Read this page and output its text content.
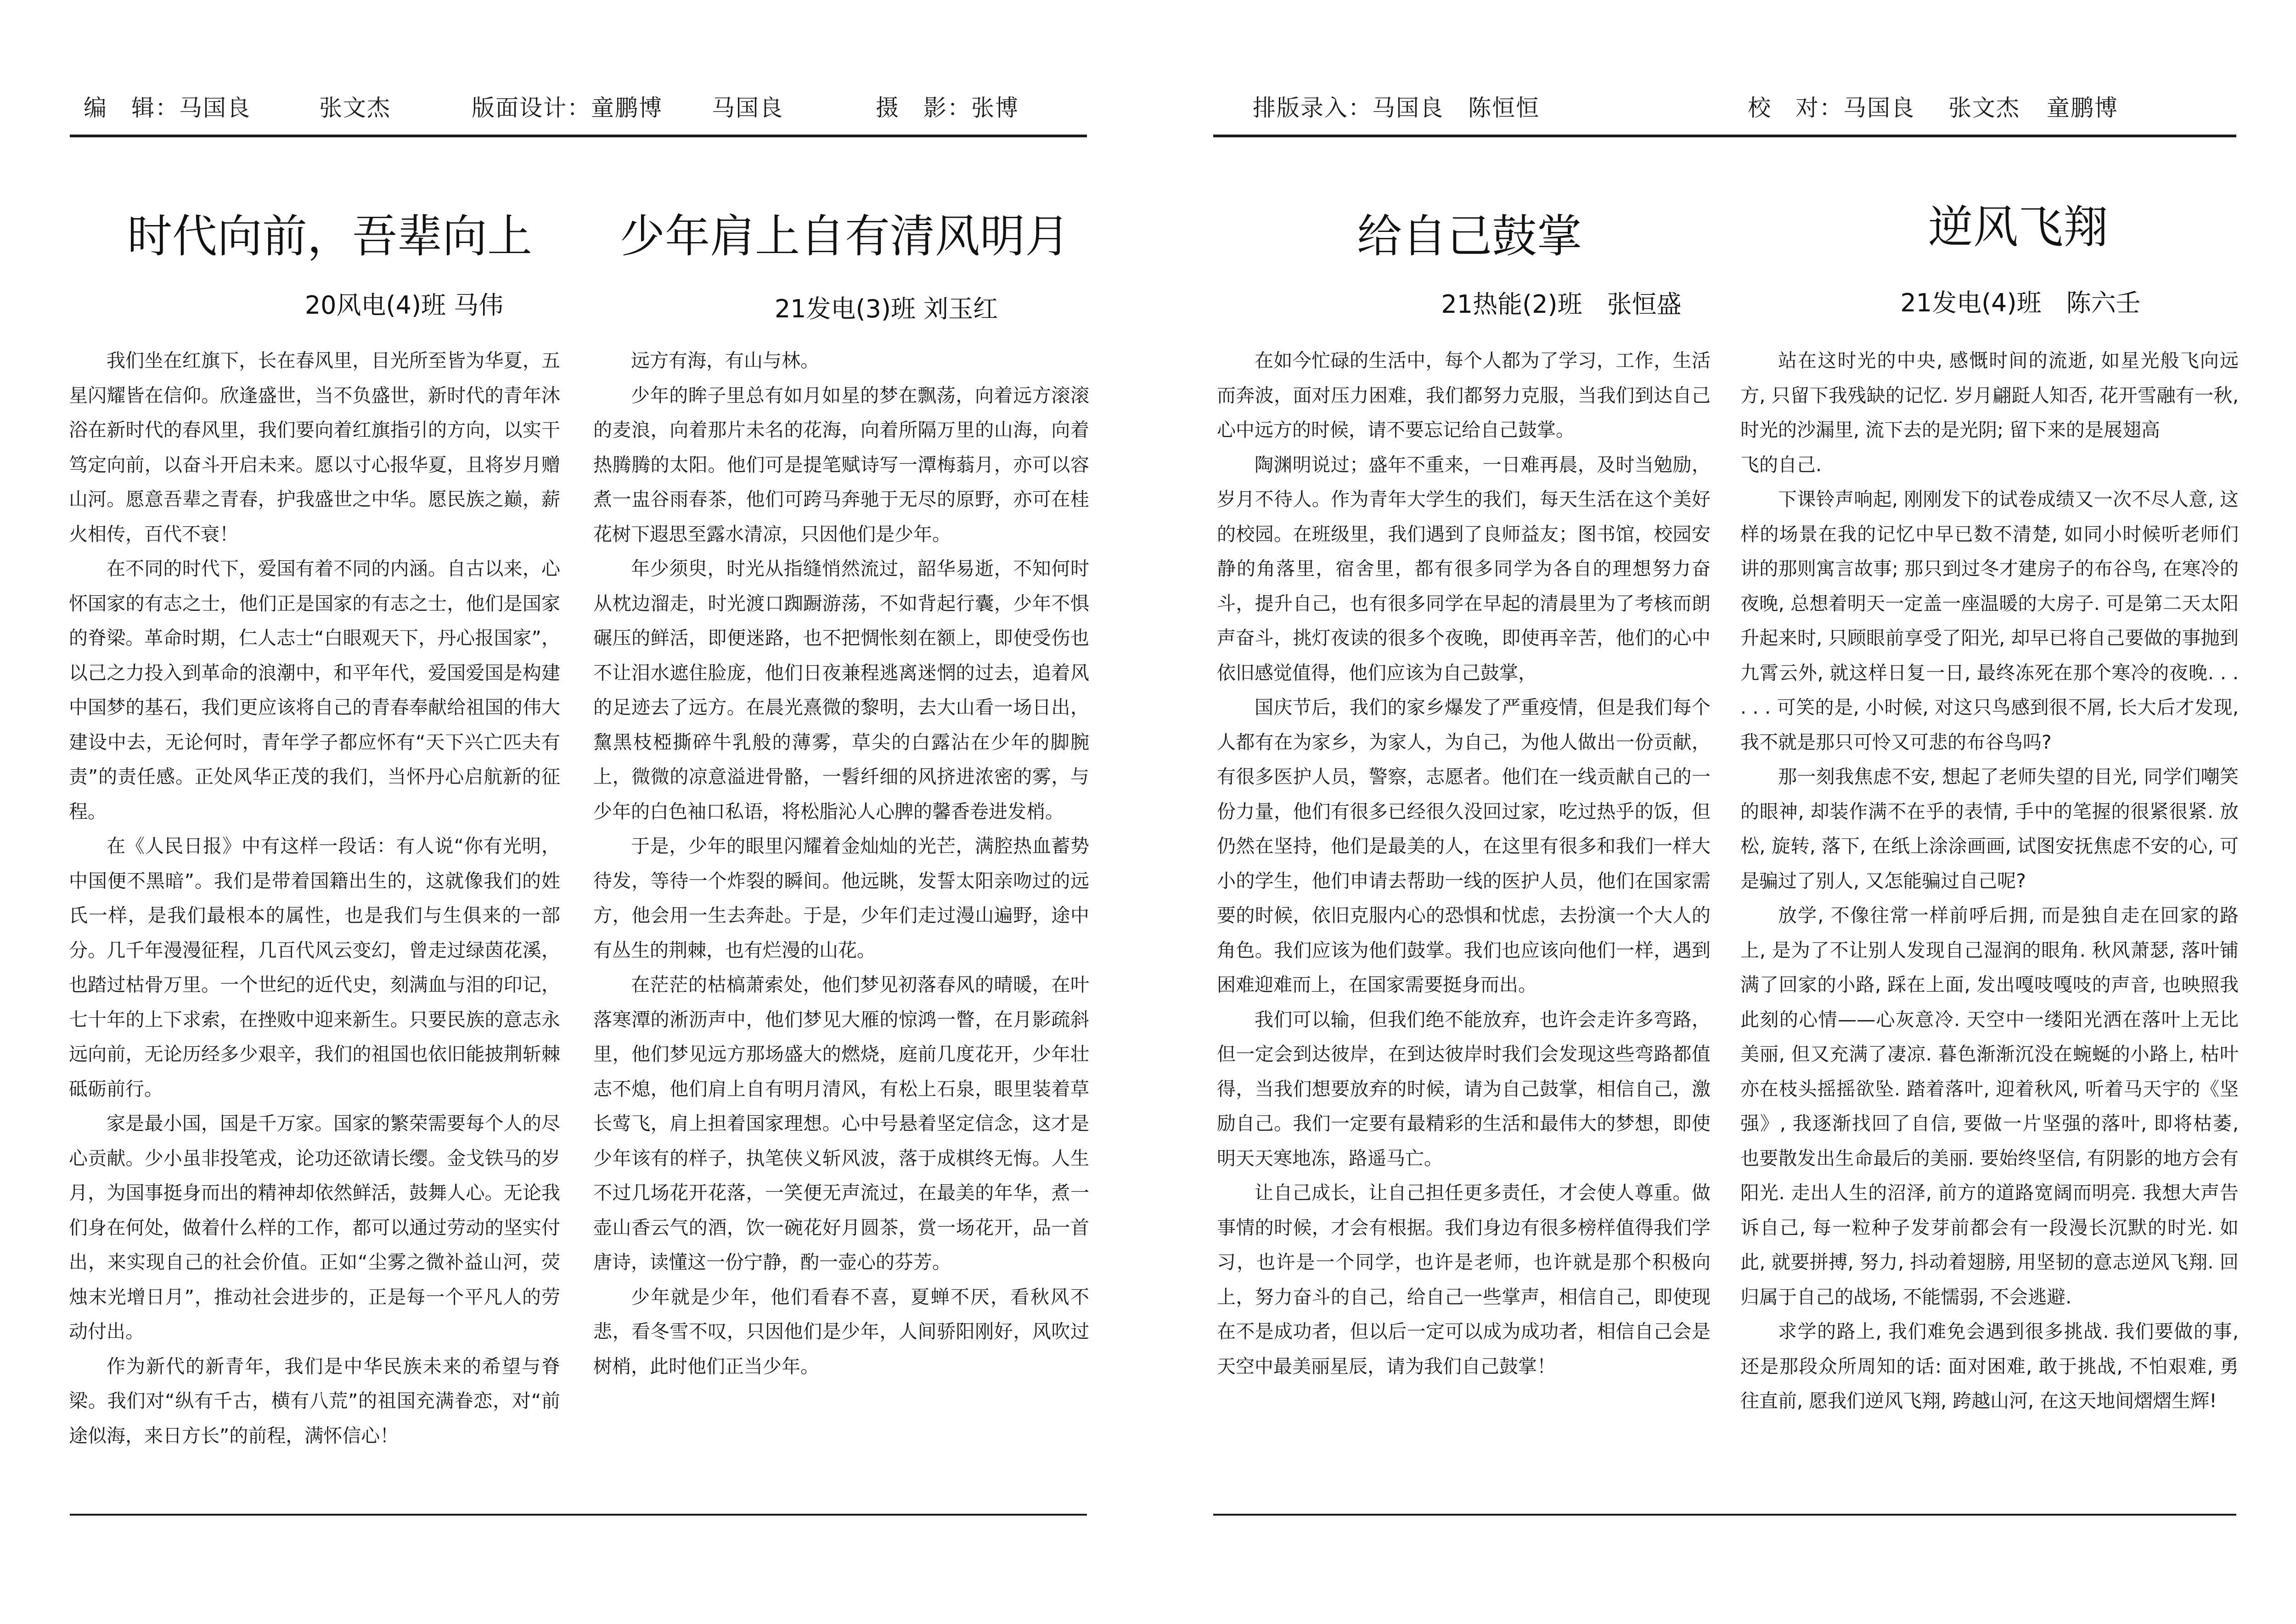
编　辑：马国良	张文杰	版面设计：童鹏博 马国良	摄　影：张博	排版录入：马国良 陈恒恒	校　对：马国良 张文杰 童鹏博
时代向前，吾辈向上
20风电(4)班 马伟

我们坐在红旗下，长在春风里，目光所至皆为华夏，五星闪耀皆在信仰。欣逢盛世，当不负盛世，新时代的青年沐浴在新时代的春风里，我们要向着红旗指引的方向，以实干笃定向前，以奋斗开启未来。愿以寸心报华夏，且将岁月赠山河。愿意吾辈之青春，护我盛世之中华。愿民族之巅，薪火相传，百代不衰！

在不同的时代下，爱国有着不同的内涵。自古以来，心怀国家的有志之士，他们正是国家的有志之士，他们是国家的脊梁。革命时期，仁人志士“白眼观天下，丹心报国家”，以己之力投入到革命的浪潮中，和平年代，爱国爱国是构建中国梦的基石，我们更应该将自己的青春奉献给祖国的伟大建设中去，无论何时，青年学子都应怀有“天下兴亡匹夫有责”的责任感。正处风华正茂的我们，当怀丹心启航新的征程。

在《人民日报》中有这样一段话：有人说“你有光明，中国便不黑暗”。我们是带着国籍出生的，这就像我们的姓氏一样，是我们最根本的属性，也是我们与生俱来的一部分。几千年漫漫征程，几百代风云变幻，曾走过绿茵花溪，也踏过枯骨万里。一个世纪的近代史，刻满血与泪的印记，七十年的上下求索，在挫败中迎来新生。只要民族的意志永远向前，无论历经多少艰辛，我们的祖国也依旧能披荆斩棘砥砺前行。

家是最小国，国是千万家。国家的繁荣需要每个人的尽心贡献。少小虽非投笔戎，论功还欲请长缨。金戈铁马的岁月，为国事挺身而出的精神却依然鲜活，鼓舞人心。无论我们身在何处，做着什么样的工作，都可以通过劳动的坚实付出，来实现自己的社会价值。正如“尘雾之微补益山河，荧烛末光增日月”，推动社会进步的，正是每一个平凡人的劳动付出。

作为新代的新青年，我们是中华民族未来的希望与脊梁。我们对“纵有千古，横有八荒”的祖国充满眷恋，对“前途似海，来日方长”的前程，满怀信心！

少年肩上自有清风明月
21发电(3)班 刘玉红

远方有海，有山与林。

少年的眸子里总有如月如星的梦在飘荡，向着远方滚滚的麦浪，向着那片未名的花海，向着所隔万里的山海，向着热腾腾的太阳。他们可是提笔赋诗写一潭梅蓊月，亦可以容煮一盅谷雨春茶，他们可跨马奔驰于无尽的原野，亦可在桂花树下遐思至露水清凉，只因他们是少年。

年少须臾，时光从指缝悄然流过，韶华易逝，不知何时从枕边溜走，时光渡口踟蹰游荡，不如背起行囊，少年不惧碾压的鲜活，即便迷路，也不把惆怅刻在额上，即使受伤也不让泪水遮住脸庞，他们日夜兼程逃离迷惘的过去，追着风的足迹去了远方。在晨光熹微的黎明，去大山看一场日出，黧黑枝椏撕碎牛乳般的薄雾，草尖的白露沾在少年的脚腕上，微微的凉意溢进骨骼，一髫纤细的风挤进浓密的雾，与少年的白色袖口私语，将松脂沁人心脾的馨香卷进发梢。

于是，少年的眼里闪耀着金灿灿的光芒，满腔热血蓄势待发，等待一个炸裂的瞬间。他远眺，发誓太阳亲吻过的远方，他会用一生去奔赴。于是，少年们走过漫山遍野，途中有丛生的荆棘，也有烂漫的山花。

在茫茫的枯槁萧索处，他们梦见初落春风的晴暖，在叶落寒潭的淅沥声中，他们梦见大雁的惊鸿一瞥，在月影疏斜里，他们梦见远方那场盛大的燃烧，庭前几度花开，少年壮志不熄，他们肩上自有明月清风，有松上石泉，眼里装着草长莺飞，肩上担着国家理想。心中号悬着坚定信念，这才是少年该有的样子，执笔侠义斩风波，落于成棋终无悔。人生不过几场花开花落，一笑便无声流过，在最美的年华，煮一壶山香云气的酒，饮一碗花好月圆茶，赏一场花开，品一首唐诗，读懂这一份宁静，酌一壶心的芬芳。

少年就是少年，他们看春不喜，夏蝉不厌，看秋风不悲，看冬雪不叹，只因他们是少年，人间骄阳刚好，风吹过树梢，此时他们正当少年。

给自己鼓掌
21热能(2)班　张恒盛

在如今忙碌的生活中，每个人都为了学习，工作，生活而奔波，面对压力困难，我们都努力克服，当我们到达自己心中远方的时候，请不要忘记给自己鼓掌。

陶渊明说过；盛年不重来，一日难再晨，及时当勉励，岁月不待人。作为青年大学生的我们，每天生活在这个美好的校园。在班级里，我们遇到了良师益友；图书馆，校园安静的角落里，宿舍里，都有很多同学为各自的理想努力奋斗，提升自己，也有很多同学在早起的清晨里为了考核而朗声奋斗，挑灯夜读的很多个夜晚，即使再辛苦，他们的心中依旧感觉值得，他们应该为自己鼓掌，

国庆节后，我们的家乡爆发了严重疫情，但是我们每个人都有在为家乡，为家人，为自己，为他人做出一份贡献，有很多医护人员，警察，志愿者。他们在一线贡献自己的一份力量，他们有很多已经很久没回过家，吃过热乎的饭，但仍然在坚持，他们是最美的人，在这里有很多和我们一样大小的学生，他们申请去帮助一线的医护人员，他们在国家需要的时候，依旧克服内心的恐惧和忧虑，去扮演一个大人的角色。我们应该为他们鼓掌。我们也应该向他们一样，遇到困难迎难而上，在国家需要挺身而出。

我们可以输，但我们绝不能放弃，也许会走许多弯路，但一定会到达彼岸，在到达彼岸时我们会发现这些弯路都值得，当我们想要放弃的时候，请为自己鼓掌，相信自己，激励自己。我们一定要有最精彩的生活和最伟大的梦想，即使明天天寒地冻，路遥马亡。

让自己成长，让自己担任更多责任，才会使人尊重。做事情的时候，才会有根据。我们身边有很多榜样值得我们学习，也许是一个同学，也许是老师，也许就是那个积极向上，努力奋斗的自己，给自己一些掌声，相信自己，即使现在不是成功者，但以后一定可以成为成功者，相信自己会是天空中最美丽星辰，请为我们自己鼓掌！

逆风飞翔
21发电(4)班　陈六壬

站在这时光的中央, 感慨时间的流逝, 如星光般飞向远方, 只留下我残缺的记忆. 岁月翩跹人知否, 花开雪融有一秋, 时光的沙漏里, 流下去的是光阴; 留下来的是展翅高

飞的自己.

下课铃声响起, 刚刚发下的试卷成绩又一次不尽人意, 这样的场景在我的记忆中早已数不清楚, 如同小时候听老师们讲的那则寓言故事; 那只到过冬才建房子的布谷鸟, 在寒冷的夜晚, 总想着明天一定盖一座温暖的大房子. 可是第二天太阳升起来时, 只顾眼前享受了阳光, 却早已将自己要做的事抛到九霄云外, 就这样日复一日, 最终冻死在那个寒冷的夜晚. . . . . . 可笑的是, 小时候, 对这只鸟感到很不屑, 长大后才发现, 我不就是那只可怜又可悲的布谷鸟吗?

那一刻我焦虑不安, 想起了老师失望的目光, 同学们嘲笑的眼神, 却装作满不在乎的表情, 手中的笔握的很紧很紧. 放松, 旋转, 落下, 在纸上涂涂画画, 试图安抚焦虑不安的心, 可是骗过了别人, 又怎能骗过自己呢?

放学, 不像往常一样前呼后拥, 而是独自走在回家的路上, 是为了不让别人发现自己湿润的眼角. 秋风萧瑟, 落叶铺满了回家的小路, 踩在上面, 发出嘎吱嘎吱的声音, 也映照我此刻的心情——心灰意冷. 天空中一缕阳光洒在落叶上无比美丽, 但又充满了凄凉. 暮色渐渐沉没在蜿蜒的小路上, 枯叶亦在枝头摇摇欲坠. 踏着落叶, 迎着秋风, 听着马天宇的《坚强》, 我逐渐找回了自信, 要做一片坚强的落叶, 即将枯萎, 也要散发出生命最后的美丽. 要始终坚信, 有阴影的地方会有阳光. 走出人生的沼泽, 前方的道路宽阔而明亮. 我想大声告诉自己, 每一粒种子发芽前都会有一段漫长沉默的时光. 如此, 就要拼搏, 努力, 抖动着翅膀, 用坚韧的意志逆风飞翔. 回归属于自己的战场, 不能懦弱, 不会逃避.

求学的路上, 我们难免会遇到很多挑战. 我们要做的事, 还是那段众所周知的话: 面对困难, 敢于挑战, 不怕艰难, 勇往直前, 愿我们逆风飞翔, 跨越山河, 在这天地间熠熠生辉!
